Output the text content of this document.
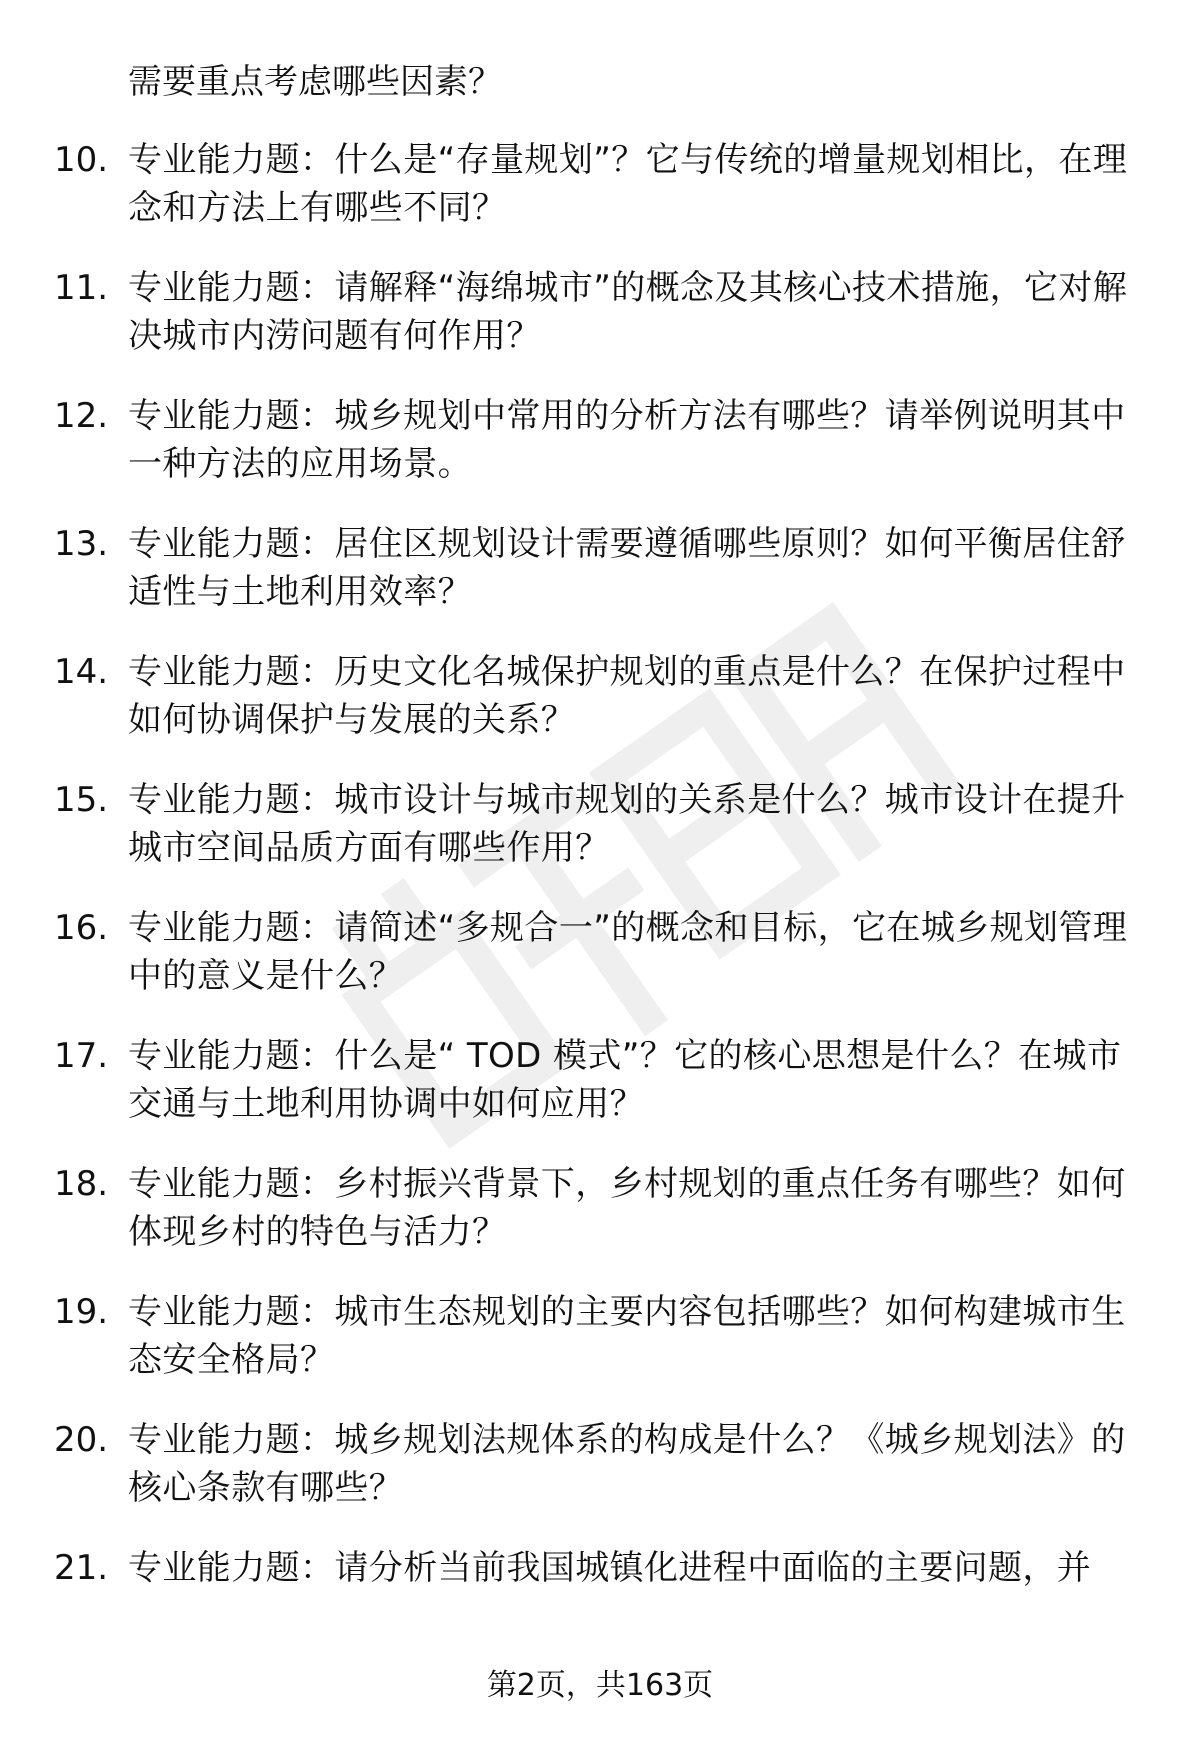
需要重点考虑哪些因素？
10. 专业能力题：什么是“存量规划”？它与传统的增量规划相比，在理念和方法上有哪些不同？
11. 专业能力题：请解释“海绵城市”的概念及其核心技术措施，它对解决城市内涝问题有何作用？
12. 专业能力题：城乡规划中常用的分析方法有哪些？请举例说明其中一种方法的应用场景。
13. 专业能力题：居住区规划设计需要遵循哪些原则？如何平衡居住舒适性与土地利用效率？
14. 专业能力题：历史文化名城保护规划的重点是什么？在保护过程中如何协调保护与发展的关系？
15. 专业能力题：城市设计与城市规划的关系是什么？城市设计在提升城市空间品质方面有哪些作用？
16. 专业能力题：请简述“多规合一”的概念和目标，它在城乡规划管理中的意义是什么？
17. 专业能力题：什么是“ TOD 模式”？它的核心思想是什么？在城市交通与土地利用协调中如何应用？
18. 专业能力题：乡村振兴背景下，乡村规划的重点任务有哪些？如何体现乡村的特色与活力？
19. 专业能力题：城市生态规划的主要内容包括哪些？如何构建城市生态安全格局？
20. 专业能力题：城乡规划法规体系的构成是什么？《城乡规划法》的核心条款有哪些？
21. 专业能力题：请分析当前我国城镇化进程中面临的主要问题，并
第2页，共163页
